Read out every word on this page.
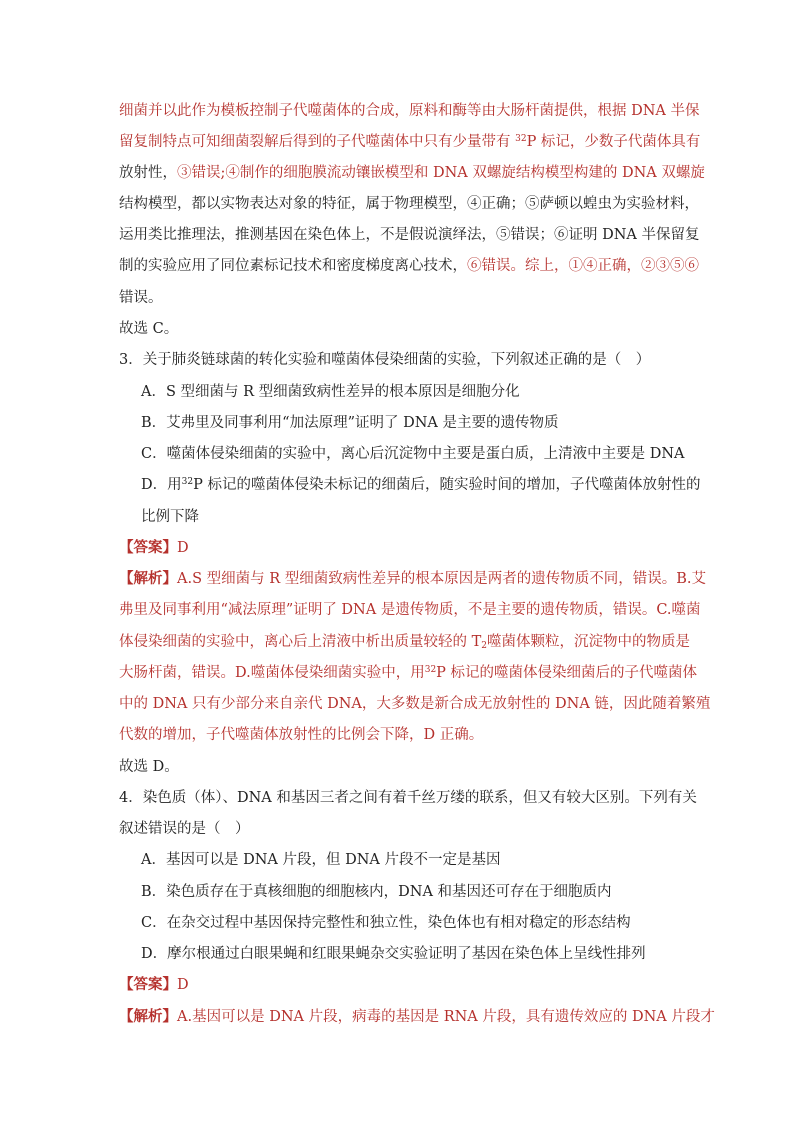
细菌并以此作为模板控制子代噬菌体的合成，原料和酶等由大肠杆菌提供，根据 DNA 半保
留复制特点可知细菌裂解后得到的子代噬菌体中只有少量带有 $^{32}$P 标记，少数子代菌体具有
放射性，③错误;④制作的细胞膜流动镶嵌模型和 DNA 双螺旋结构模型构建的 DNA 双螺旋
结构模型，都以实物表达对象的特征，属于物理模型，④正确；⑤萨顿以蝗虫为实验材料，
运用类比推理法，推测基因在染色体上，不是假说演绎法，⑤错误；⑥证明 DNA 半保留复
制的实验应用了同位素标记技术和密度梯度离心技术，⑥错误。综上，①④正确，②③⑤⑥
错误。
故选 C。
3．关于肺炎链球菌的转化实验和噬菌体侵染细菌的实验，下列叙述正确的是（　）
A．S 型细菌与 R 型细菌致病性差异的根本原因是细胞分化
B．艾弗里及同事利用“加法原理”证明了 DNA 是主要的遗传物质
C．噬菌体侵染细菌的实验中，离心后沉淀物中主要是蛋白质，上清液中主要是 DNA
D．用$^{32}$P 标记的噬菌体侵染未标记的细菌后，随实验时间的增加，子代噬菌体放射性的
比例下降
【答案】D
【解析】A.S 型细菌与 R 型细菌致病性差异的根本原因是两者的遗传物质不同，错误。B.艾
弗里及同事利用“减法原理”证明了 DNA 是遗传物质，不是主要的遗传物质，错误。C.噬菌
体侵染细菌的实验中，离心后上清液中析出质量较轻的 $T_2$噬菌体颗粒，沉淀物中的物质是
大肠杆菌，错误。D.噬菌体侵染细菌实验中，用$^{32}$P 标记的噬菌体侵染细菌后的子代噬菌体
中的 DNA 只有少部分来自亲代 DNA，大多数是新合成无放射性的 DNA 链，因此随着繁殖
代数的增加，子代噬菌体放射性的比例会下降，D 正确。
故选 D。
4．染色质（体）、DNA 和基因三者之间有着千丝万缕的联系，但又有较大区别。下列有关
叙述错误的是（　）
A．基因可以是 DNA 片段，但 DNA 片段不一定是基因
B．染色质存在于真核细胞的细胞核内，DNA 和基因还可存在于细胞质内
C．在杂交过程中基因保持完整性和独立性，染色体也有相对稳定的形态结构
D．摩尔根通过白眼果蝇和红眼果蝇杂交实验证明了基因在染色体上呈线性排列
【答案】D
【解析】A.基因可以是 DNA 片段，病毒的基因是 RNA 片段，具有遗传效应的 DNA 片段才
